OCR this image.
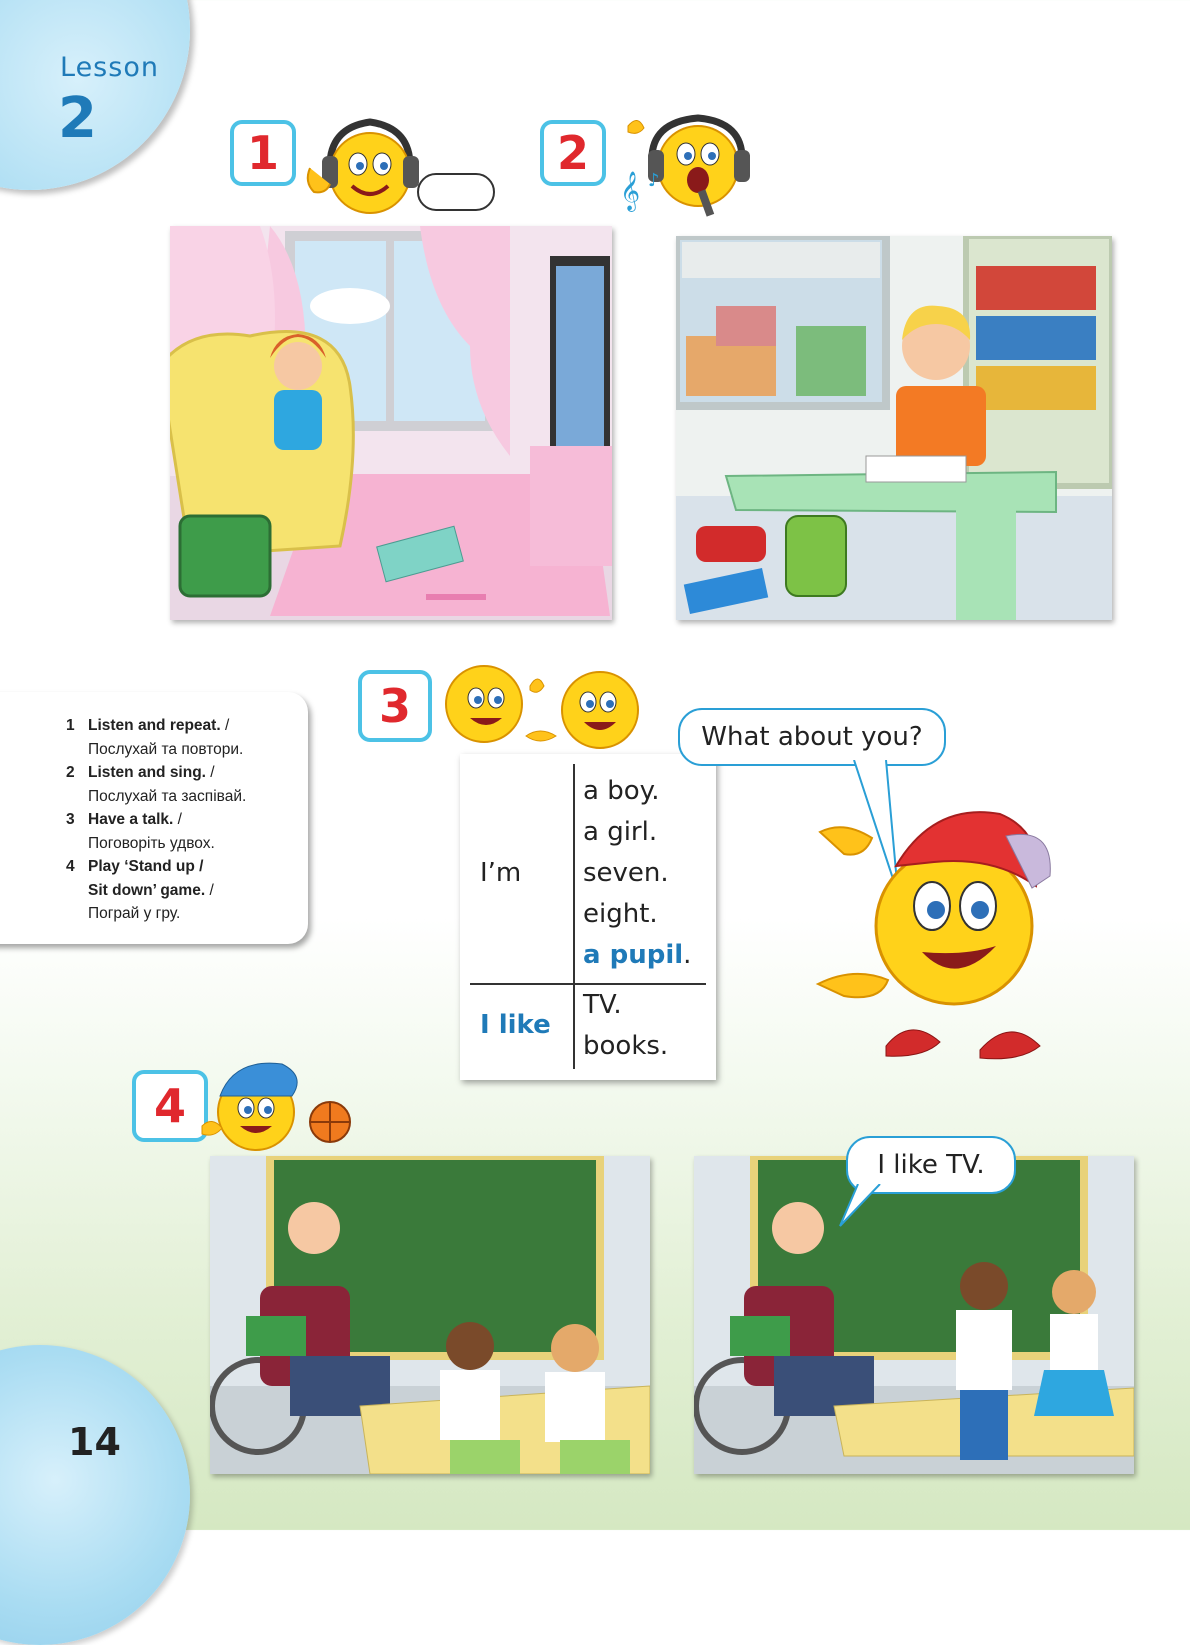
Lesson
2
1	2
𝄞 ♪
1 Listen and repeat. /
Послухай та повтори.
2 Listen and sing. /
Послухай та заспівай.
3 Have a talk. /
Поговоріть удвох.
4 Play ‘Stand up /
Sit down’ game. /
Пограй у гру.
3
I’m
a boy.
a girl.
seven.
eight.
a pupil.
I like
TV.
books.
What about you?
4
I like TV.
14
